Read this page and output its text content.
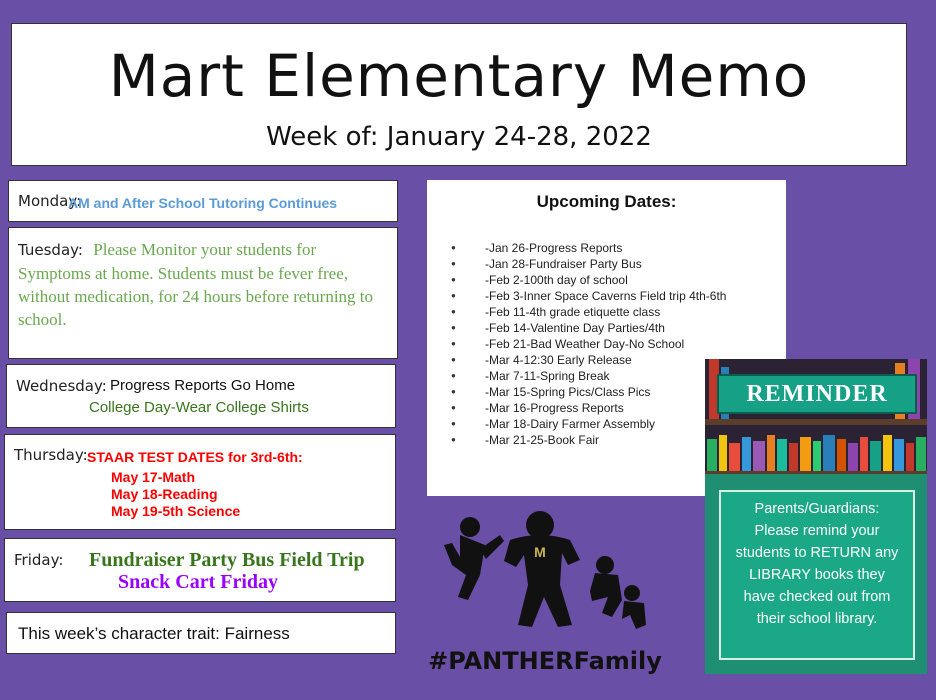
Mart Elementary Memo
Week of: January 24-28, 2022
Monday:
AM and After School Tutoring Continues
Tuesday: Please Monitor your students for Symptoms at home. Students must be fever free, without medication, for 24 hours before returning to school.
Wednesday: Progress Reports Go Home
College Day-Wear College Shirts
Thursday: STAAR TEST DATES for 3rd-6th:
May 17-Math
May 18-Reading
May 19-5th Science
Friday: Fundraiser Party Bus Field Trip
Snack Cart Friday
This week’s character trait: Fairness
Upcoming Dates:
● -Jan 26-Progress Reports
● -Jan 28-Fundraiser Party Bus
● -Feb 2-100th day of school
● -Feb 3-Inner Space Caverns Field trip 4th-6th
● -Feb 11-4th grade etiquette class
● -Feb 14-Valentine Day Parties/4th
● -Feb 21-Bad Weather Day-No School
● -Mar 4-12:30 Early Release
● -Mar 7-11-Spring Break
● -Mar 15-Spring Pics/Class Pics
● -Mar 16-Progress Reports
● -Mar 18-Dairy Farmer Assembly
● -Mar 21-25-Book Fair
REMINDER
Parents/Guardians:
Please remind your
students to RETURN any
LIBRARY books they
have checked out from
their school library.
M
#PANTHERFamily
